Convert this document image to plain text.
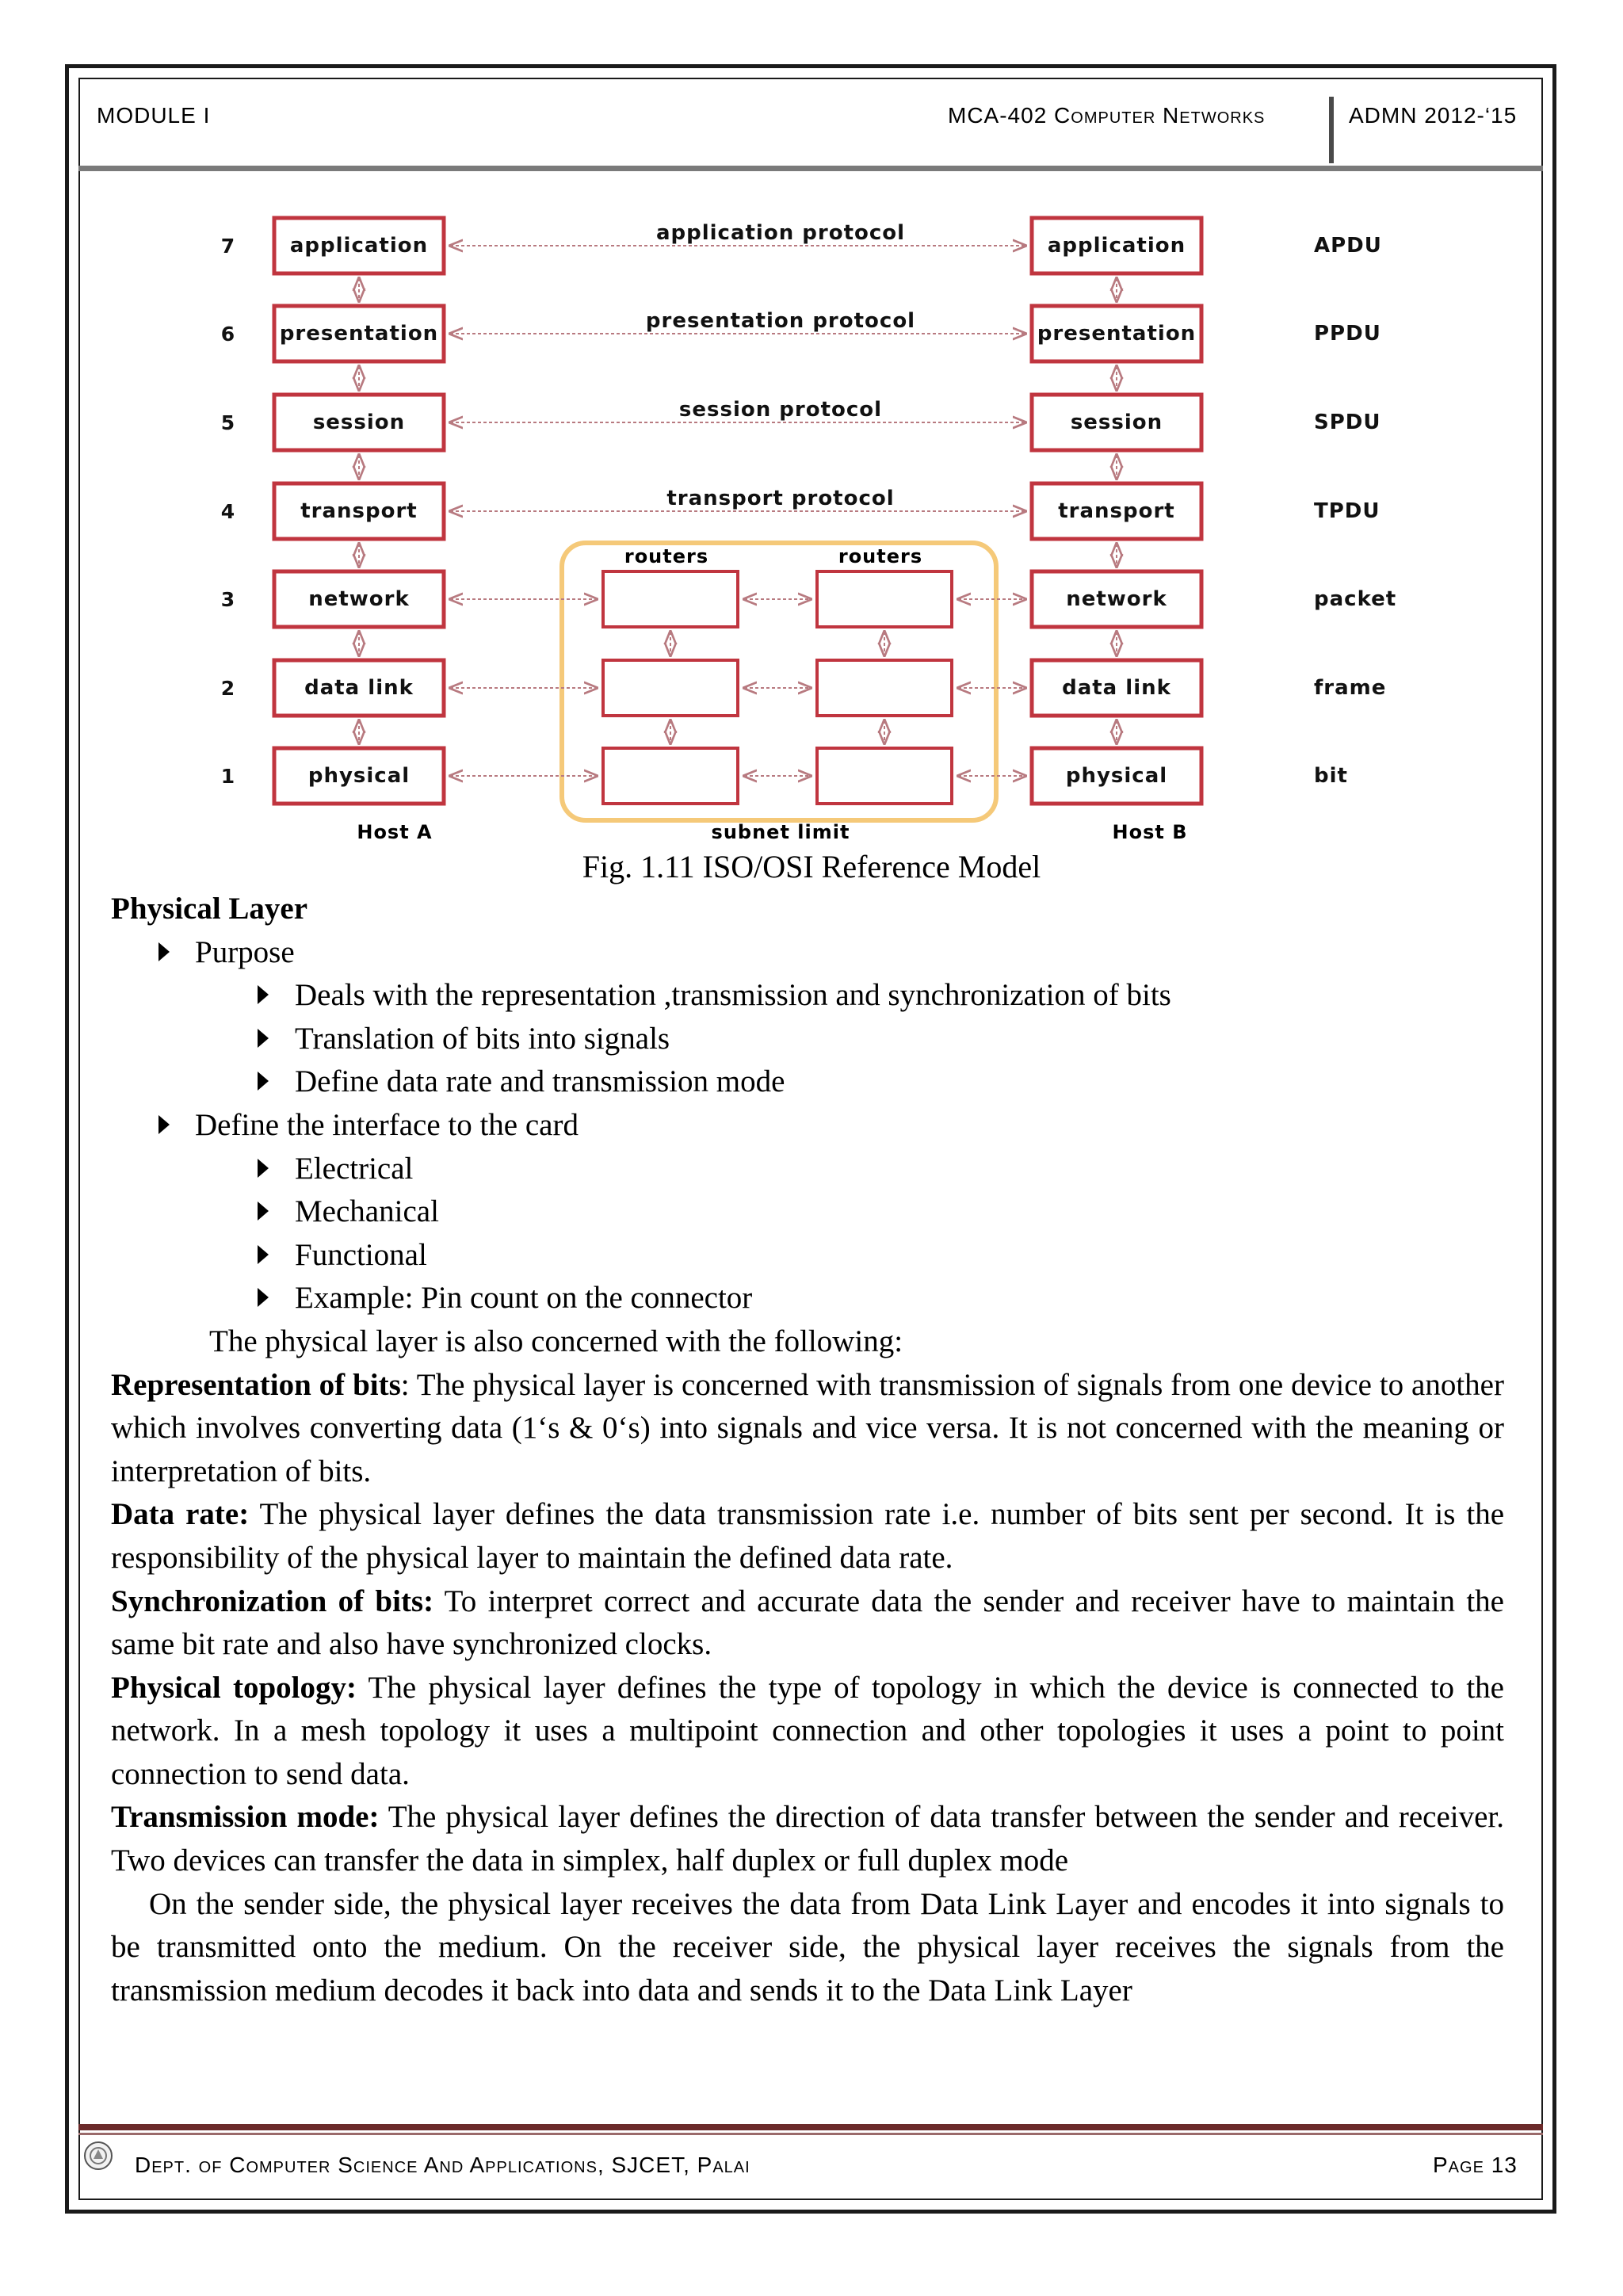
MODULE I	MCA-402 Computer Networks	ADMN 2012-‘15
7	application	application	APDU
application protocol
6 presentation	presentation	PPDU
presentation protocol
5	session	session	SPDU
session protocol
4	transport	transport	TPDU
transport protocol
3	network	network	packet
2	data link	data link	frame
1	physical	physical	bit
routers	routers
Host A	subnet limit	Host B
Fig. 1.11 ISO/OSI Reference Model

Physical Layer

Purpose

Deals with the representation ,transmission and synchronization of bits

Translation of bits into signals

Define data rate and transmission mode

Define the interface to the card

Electrical

Mechanical

Functional

Example: Pin count on the connector

The physical layer is also concerned with the following:

Representation of bits: The physical layer is concerned with transmission of signals from one device to another which involves converting data (1‘s & 0‘s) into signals and vice versa. It is not concerned with the meaning or interpretation of bits.

Data rate: The physical layer defines the data transmission rate i.e. number of bits sent per second. It is the responsibility of the physical layer to maintain the defined data rate.

Synchronization of bits: To interpret correct and accurate data the sender and receiver have to maintain the same bit rate and also have synchronized clocks.

Physical topology: The physical layer defines the type of topology in which the device is connected to the network. In a mesh topology it uses a multipoint connection and other topologies it uses a point to point connection to send data.

Transmission mode: The physical layer defines the direction of data transfer between the sender and receiver. Two devices can transfer the data in simplex, half duplex or full duplex mode

On the sender side, the physical layer receives the data from Data Link Layer and encodes it into signals to be transmitted onto the medium. On the receiver side, the physical layer receives the signals from the transmission medium decodes it back into data and sends it to the Data Link Layer

Dept. of Computer Science And Applications, SJCET, Palai	Page 13
